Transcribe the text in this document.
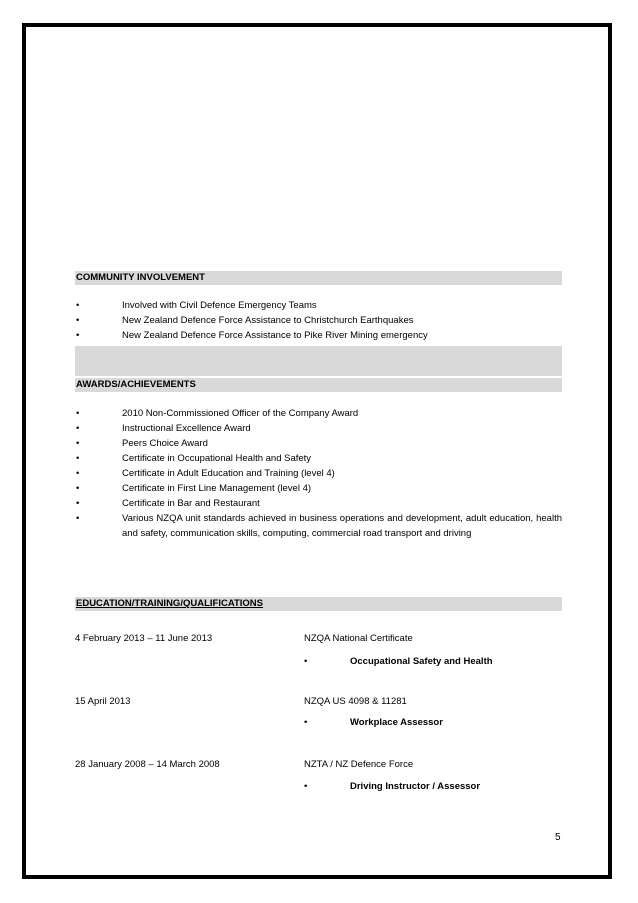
COMMUNITY INVOLVEMENT
•	Involved with Civil Defence Emergency Teams
•	New Zealand Defence Force Assistance to Christchurch Earthquakes
•	New Zealand Defence Force Assistance to Pike River Mining emergency
AWARDS/ACHIEVEMENTS
•	2010 Non-Commissioned Officer of the Company Award
•	Instructional Excellence Award
•	Peers Choice Award
•	Certificate in Occupational Health and Safety
•	Certificate in Adult Education and Training (level 4)
•	Certificate in First Line Management (level 4)
•	Certificate in Bar and Restaurant
•	Various NZQA unit standards achieved in business operations and development, adult education, health and safety, communication skills, computing, commercial road transport and driving
EDUCATION/TRAINING/QUALIFICATIONS
4 February 2013 – 11 June 2013	NZQA National Certificate
•	Occupational Safety and Health
15 April 2013	NZQA US 4098 & 11281
•	Workplace Assessor
28 January 2008 – 14 March 2008	NZTA / NZ Defence Force
•	Driving Instructor / Assessor
5
